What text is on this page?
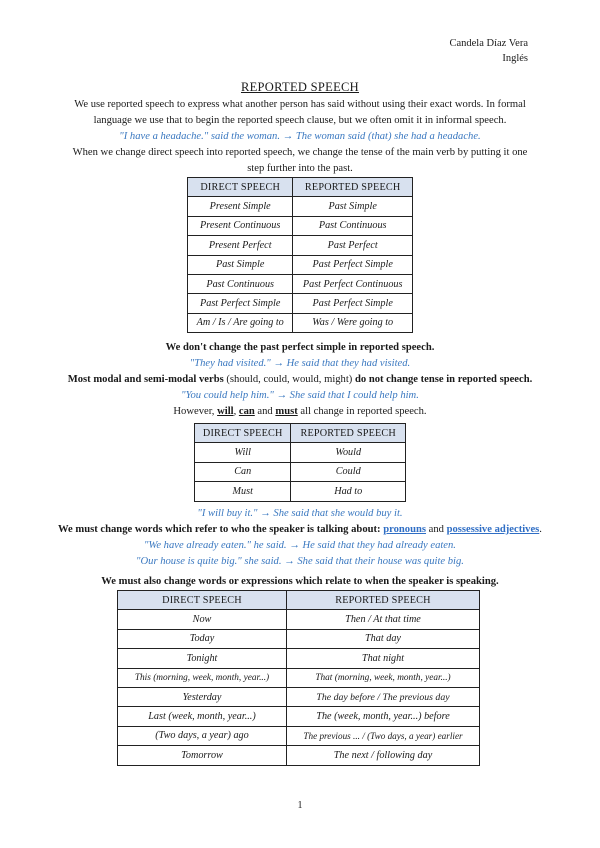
Candela Díaz Vera
Inglés
REPORTED SPEECH
We use reported speech to express what another person has said without using their exact words. In formal
language we use that to begin the reported speech clause, but we often omit it in informal speech.
"I have a headache." said the woman. → The woman said (that) she had a headache.
When we change direct speech into reported speech, we change the tense of the main verb by putting it one
step further into the past.
DIRECT SPEECH	REPORTED SPEECH
Present Simple	Past Simple
Present Continuous	Past Continuous
Present Perfect	Past Perfect
Past Simple	Past Perfect Simple
Past Continuous	Past Perfect Continuous
Past Perfect Simple	Past Perfect Simple
Am / Is / Are going to	Was / Were going to
We don't change the past perfect simple in reported speech.
"They had visited." → He said that they had visited.
Most modal and semi-modal verbs (should, could, would, might) do not change tense in reported speech.
"You could help him." → She said that I could help him.
However, will, can and must all change in reported speech.
DIRECT SPEECH	REPORTED SPEECH
Will	Would
Can	Could
Must	Had to
"I will buy it." → She said that she would buy it.
We must change words which refer to who the speaker is talking about: pronouns and possessive adjectives.
"We have already eaten." he said. → He said that they had already eaten.
"Our house is quite big." she said. → She said that their house was quite big.
We must also change words or expressions which relate to when the speaker is speaking.
DIRECT SPEECH	REPORTED SPEECH
Now	Then / At that time
Today	That day
Tonight	That night
This (morning, week, month, year...)	That (morning, week, month, year...)
Yesterday	The day before / The previous day
Last (week, month, year...)	The (week, month, year...) before
(Two days, a year) ago	The previous ... / (Two days, a year) earlier
Tomorrow	The next / following day
1
